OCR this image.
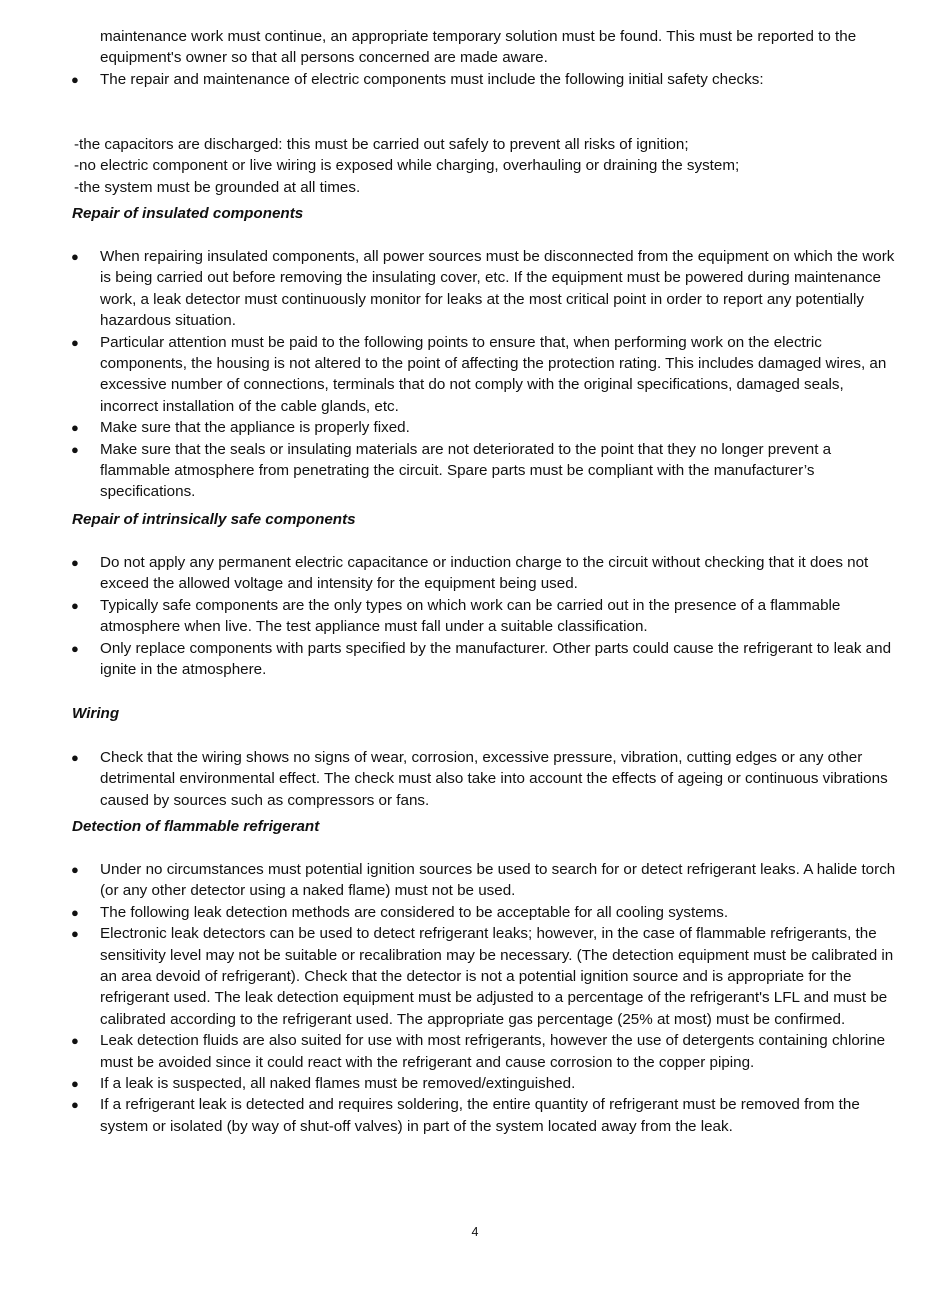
maintenance work must continue, an appropriate temporary solution must be found. This must be reported to the equipment's owner so that all persons concerned are made aware.
● The repair and maintenance of electric components must include the following initial safety checks:
-the capacitors are discharged: this must be carried out safely to prevent all risks of ignition;
-no electric component or live wiring is exposed while charging, overhauling or draining the system;
-the system must be grounded at all times.
Repair of insulated components
● When repairing insulated components, all power sources must be disconnected from the equipment on which the work is being carried out before removing the insulating cover, etc. If the equipment must be powered during maintenance work, a leak detector must continuously monitor for leaks at the most critical point in order to report any potentially hazardous situation.
● Particular attention must be paid to the following points to ensure that, when performing work on the electric components, the housing is not altered to the point of affecting the protection rating. This includes damaged wires, an excessive number of connections, terminals that do not comply with the original specifications, damaged seals, incorrect installation of the cable glands, etc.
● Make sure that the appliance is properly fixed.
● Make sure that the seals or insulating materials are not deteriorated to the point that they no longer prevent a flammable atmosphere from penetrating the circuit. Spare parts must be compliant with the manufacturer’s specifications.
Repair of intrinsically safe components
● Do not apply any permanent electric capacitance or induction charge to the circuit without checking that it does not exceed the allowed voltage and intensity for the equipment being used.
● Typically safe components are the only types on which work can be carried out in the presence of a flammable atmosphere when live. The test appliance must fall under a suitable classification.
● Only replace components with parts specified by the manufacturer. Other parts could cause the refrigerant to leak and ignite in the atmosphere.
Wiring
● Check that the wiring shows no signs of wear, corrosion, excessive pressure, vibration, cutting edges or any other detrimental environmental effect. The check must also take into account the effects of ageing or continuous vibrations caused by sources such as compressors or fans.
Detection of flammable refrigerant
● Under no circumstances must potential ignition sources be used to search for or detect refrigerant leaks. A halide torch (or any other detector using a naked flame) must not be used.
● The following leak detection methods are considered to be acceptable for all cooling systems.
● Electronic leak detectors can be used to detect refrigerant leaks; however, in the case of flammable refrigerants, the sensitivity level may not be suitable or recalibration may be necessary. (The detection equipment must be calibrated in an area devoid of refrigerant). Check that the detector is not a potential ignition source and is appropriate for the refrigerant used. The leak detection equipment must be adjusted to a percentage of the refrigerant's LFL and must be calibrated according to the refrigerant used. The appropriate gas percentage (25% at most) must be confirmed.
● Leak detection fluids are also suited for use with most refrigerants, however the use of detergents containing chlorine must be avoided since it could react with the refrigerant and cause corrosion to the copper piping.
● If a leak is suspected, all naked flames must be removed/extinguished.
● If a refrigerant leak is detected and requires soldering, the entire quantity of refrigerant must be removed from the system or isolated (by way of shut-off valves) in part of the system located away from the leak.
4
